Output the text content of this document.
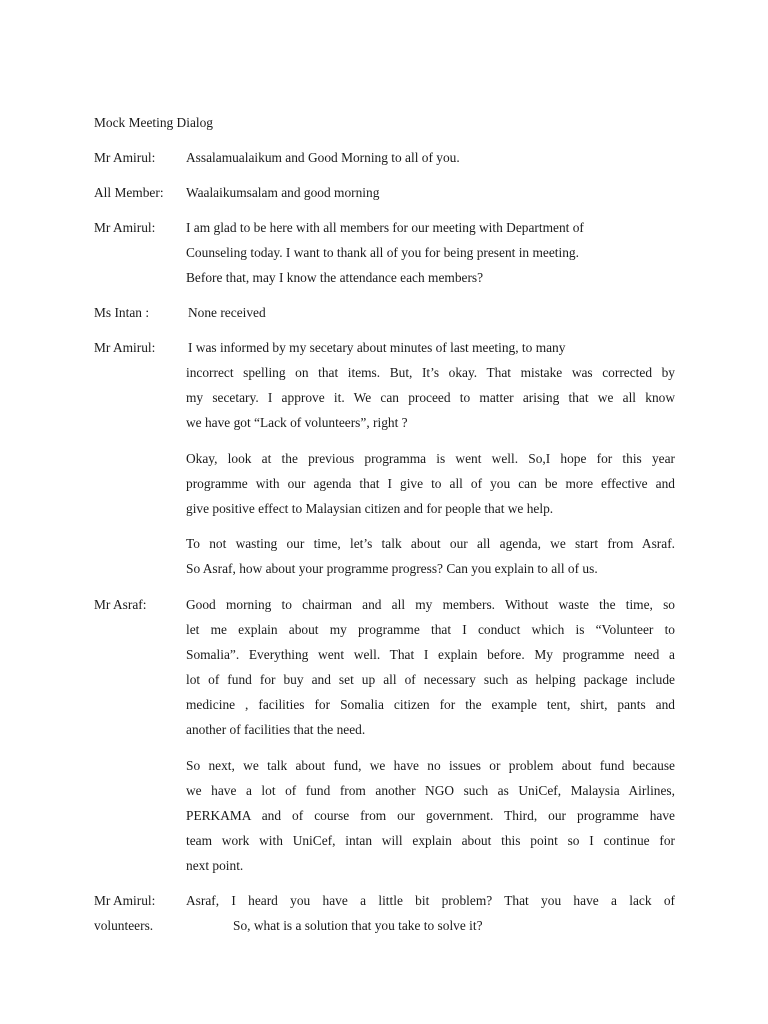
Mock Meeting Dialog
Mr Amirul: Assalamualaikum and Good Morning to all of you.
All Member: Waalaikumsalam and good morning
Mr Amirul: I am glad to be here with all members for our meeting with Department of
Counseling today. I want to thank all of you for being present in meeting.
Before that, may I know the attendance each members?
Ms Intan :	None received
Mr Amirul: I was informed by my secetary about minutes of last meeting, to many
incorrect spelling on that items. But, It’s okay. That mistake was corrected by
my secetary. I approve it. We can proceed to matter arising that we all know
we have got “Lack of volunteers”, right ?
Okay, look at the previous programma is went well. So,I hope for this year
programme with our agenda that I give to all of you can be more effective and
give positive effect to Malaysian citizen and for people that we help.
To not wasting our time, let’s talk about our all agenda, we start from Asraf.
So Asraf, how about your programme progress? Can you explain to all of us.
Mr Asraf:	Good morning to chairman and all my members. Without waste the time, so
let me explain about my programme that I conduct which is “Volunteer to
Somalia”. Everything went well. That I explain before. My programme need a
lot of fund for buy and set up all of necessary such as helping package include
medicine , facilities for Somalia citizen for the example tent, shirt, pants and
another of facilities that the need.
So next, we talk about fund, we have no issues or problem about fund because
we have a lot of fund from another NGO such as UniCef, Malaysia Airlines,
PERKAMA and of course from our government. Third, our programme have
team work with UniCef, intan will explain about this point so I continue for
next point.
Mr Amirul: Asraf, I heard you have a little bit problem? That you have a lack of
volunteers.	So, what is a solution that you take to solve it?
